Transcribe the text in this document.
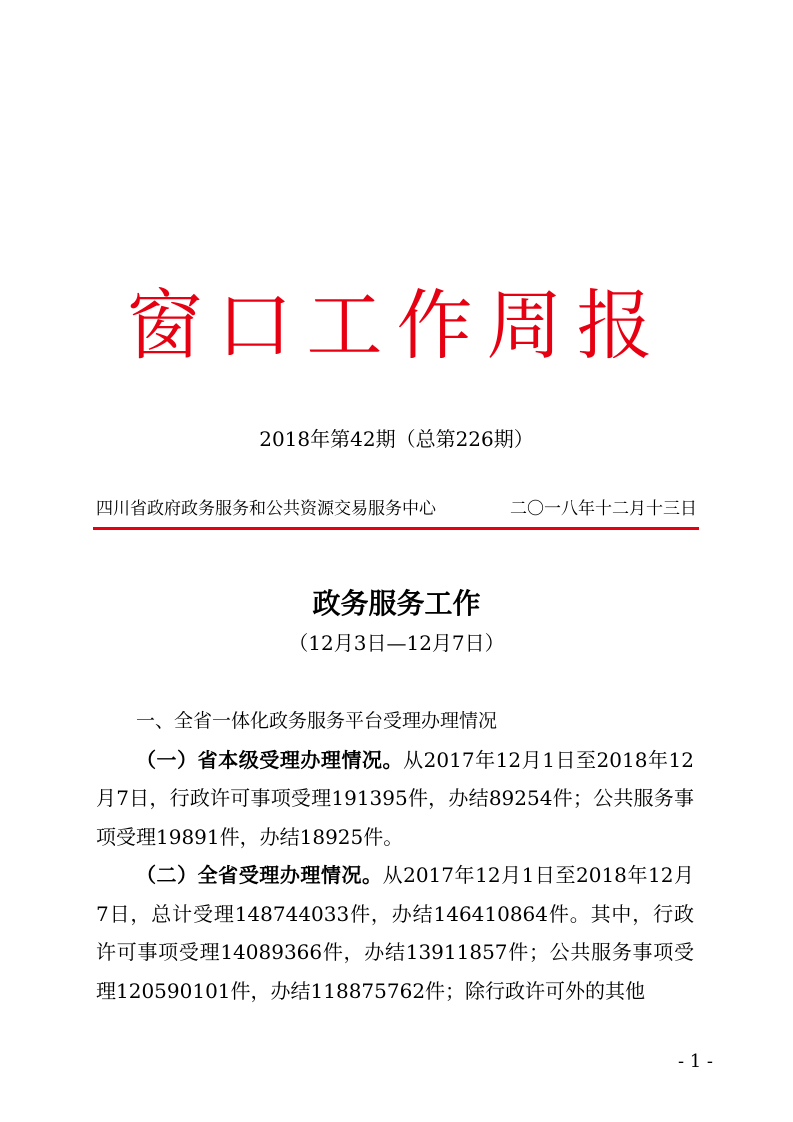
窗口工作周报
2018年第42期（总第226期）
四川省政府政务服务和公共资源交易服务中心	二〇一八年十二月十三日
政务服务工作
（12月3日—12月7日）
一、全省一体化政务服务平台受理办理情况

（一）省本级受理办理情况。从2017年12月1日至2018年12月7日，行政许可事项受理191395件，办结89254件；公共服务事项受理19891件，办结18925件。

（二）全省受理办理情况。从2017年12月1日至2018年12月7日，总计受理148744033件，办结146410864件。其中，行政许可事项受理14089366件，办结13911857件；公共服务事项受理120590101件，办结118875762件；除行政许可外的其他

- 1 -
